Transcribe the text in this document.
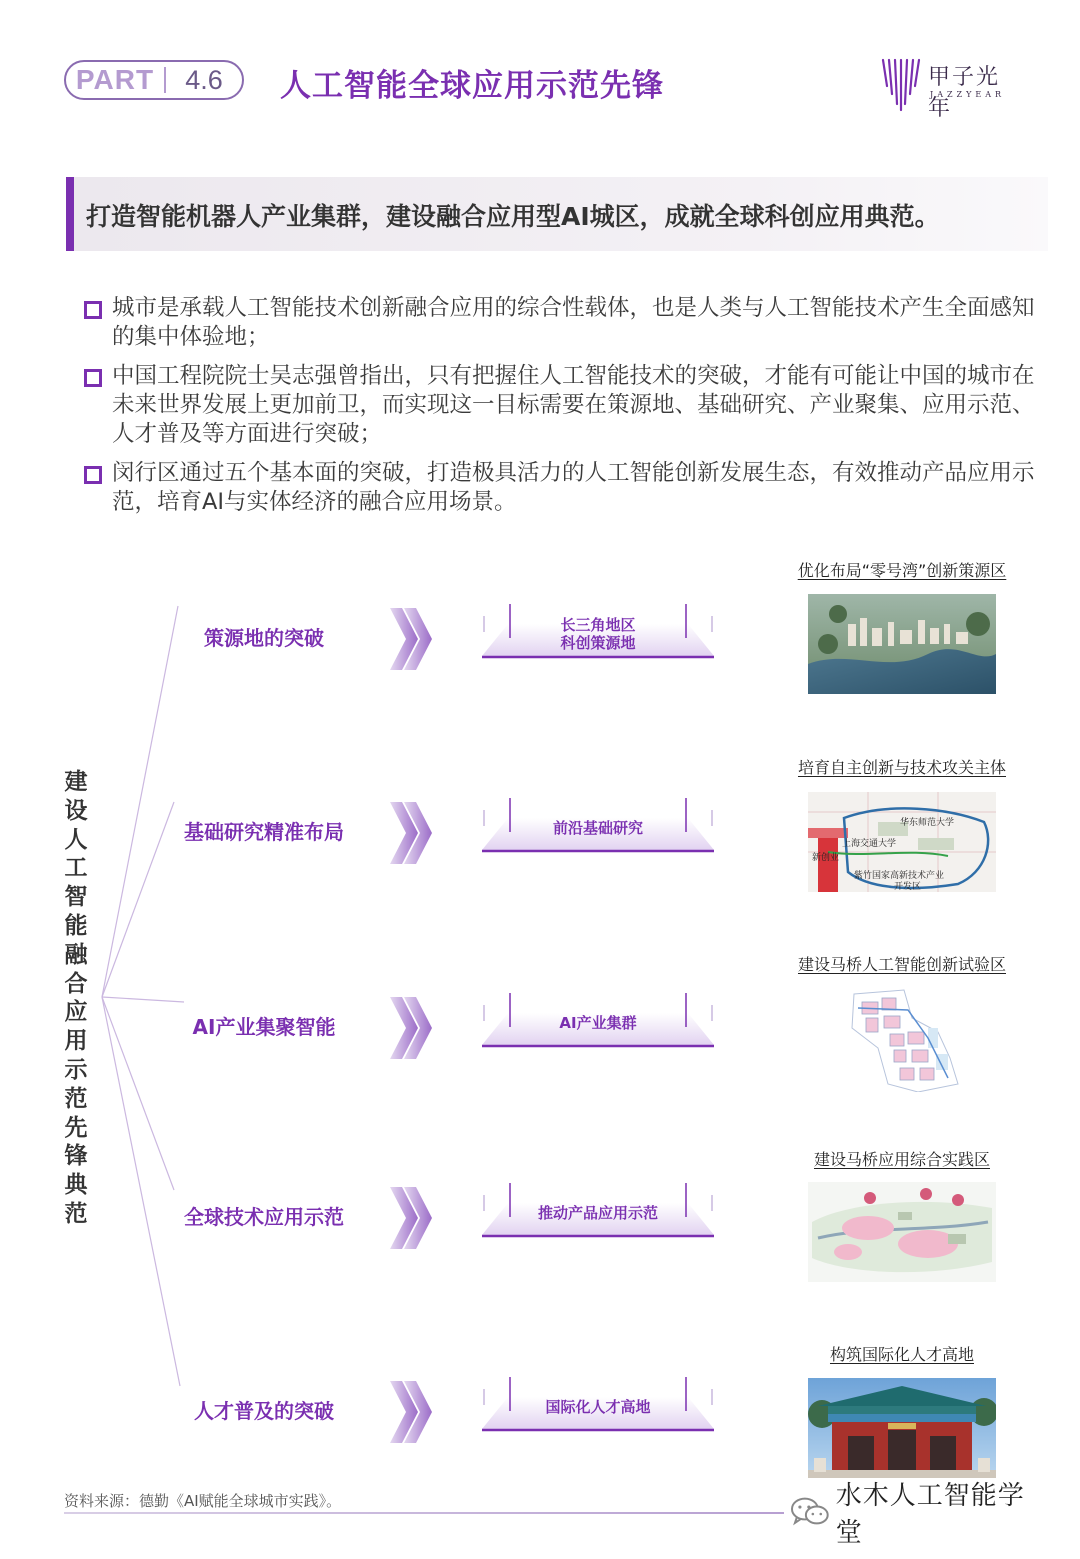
PART	4.6	人工智能全球应用示范先锋	甲子光年
JAZZYEAR
打造智能机器人产业集群，建设融合应用型AI城区，成就全球科创应用典范。
城市是承载人工智能技术创新融合应用的综合性载体，也是人类与人工智能技术产生全面感知的集中体验地；
中国工程院院士吴志强曾指出，只有把握住人工智能技术的突破，才能有可能让中国的城市在未来世界发展上更加前卫，而实现这一目标需要在策源地、基础研究、产业聚集、应用示范、人才普及等方面进行突破；
闵行区通过五个基本面的突破，打造极具活力的人工智能创新发展生态，有效推动产品应用示范，培育AI与实体经济的融合应用场景。
建设人工智能融合应用示范先锋典范
策源地的突破
长三角地区
科创策源地
优化布局“零号湾”创新策源区
基础研究精准布局	前沿基础研究
培育自主创新与技术攻关主体
华东师范大学
上海交通大学
新创业
紫竹国家高新技术产业
开发区
AI产业集聚智能	AI产业集群
建设马桥人工智能创新试验区
全球技术应用示范	推动产品应用示范
建设马桥应用综合实践区
人才普及的突破	国际化人才高地
构筑国际化人才高地
资料来源：德勤《AI赋能全球城市实践》。	水木人工智能学堂
